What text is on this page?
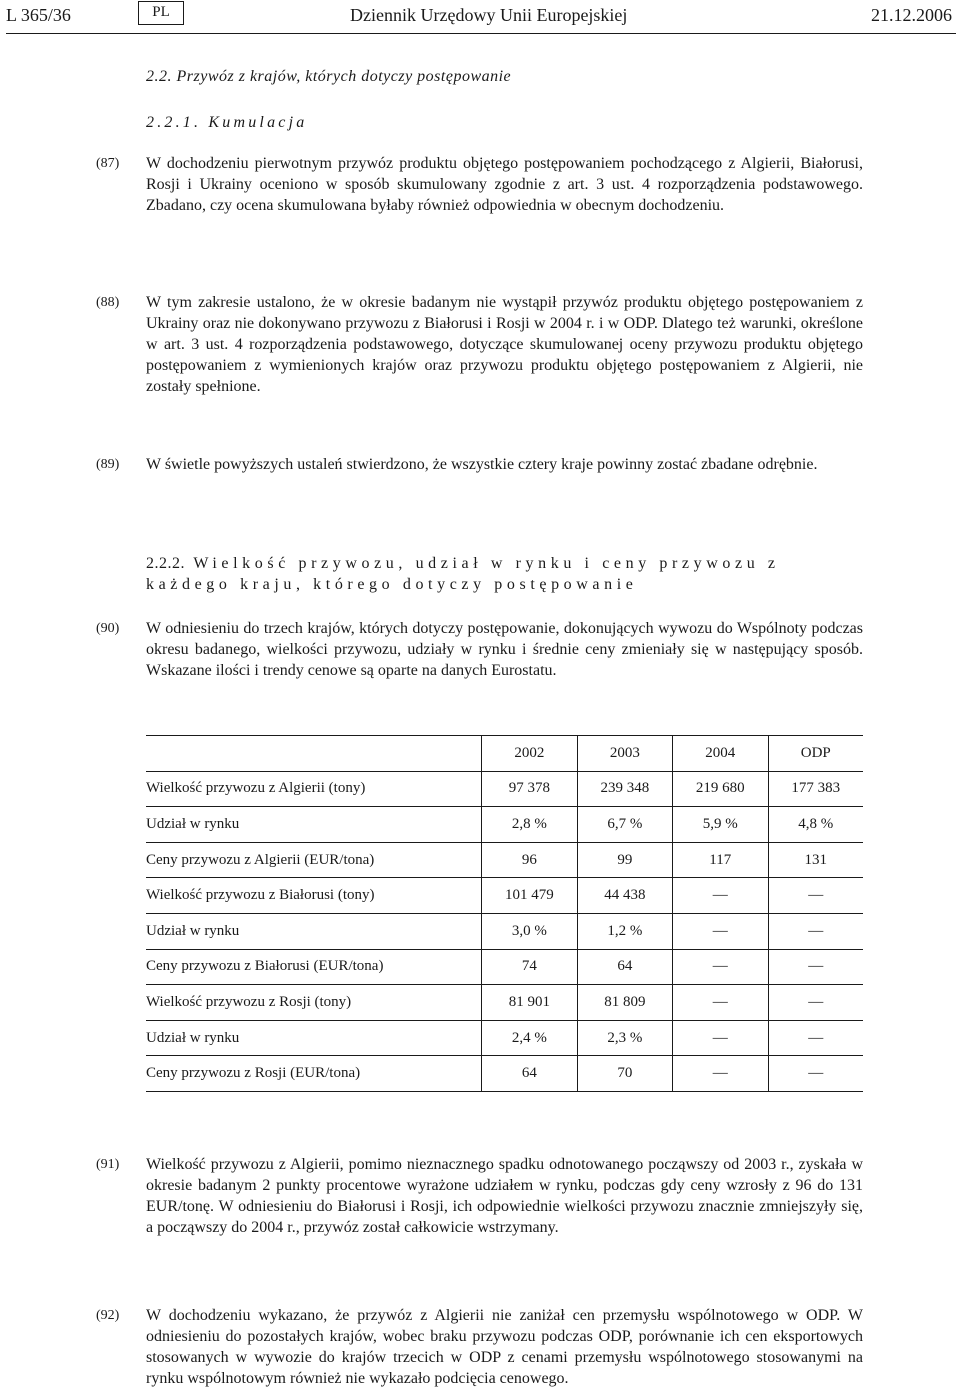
L 365/36	PL	Dziennik Urzędowy Unii Europejskiej	21.12.2006
2.2. Przywóz z krajów, których dotyczy postępowanie
2.2.1. Kumulacja
(87) W dochodzeniu pierwotnym przywóz produktu objętego postępowaniem pochodzącego z Algierii, Białorusi, Rosji i Ukrainy oceniono w sposób skumulowany zgodnie z art. 3 ust. 4 rozporządzenia podstawowego. Zbadano, czy ocena skumulowana byłaby również odpowiednia w obecnym dochodzeniu.
(88) W tym zakresie ustalono, że w okresie badanym nie wystąpił przywóz produktu objętego postępowaniem z Ukrainy oraz nie dokonywano przywozu z Białorusi i Rosji w 2004 r. i w ODP. Dlatego też warunki, określone w art. 3 ust. 4 rozporządzenia podstawowego, dotyczące skumulowanej oceny przywozu produktu objętego postępowaniem z wymienionych krajów oraz przywozu produktu objętego postępowaniem z Algierii, nie zostały spełnione.
(89) W świetle powyższych ustaleń stwierdzono, że wszystkie cztery kraje powinny zostać zbadane odrębnie.
2.2.2. Wielkość przywozu, udział w rynku i ceny przywozu z każdego kraju, którego dotyczy postępowanie
(90) W odniesieniu do trzech krajów, których dotyczy postępowanie, dokonujących wywozu do Wspólnoty podczas okresu badanego, wielkości przywozu, udziały w rynku i średnie ceny zmieniały się w następujący sposób. Wskazane ilości i trendy cenowe są oparte na danych Eurostatu.
	2002	2003	2004	ODP
Wielkość przywozu z Algierii (tony)	97 378	239 348	219 680	177 383
Udział w rynku	2,8 %	6,7 %	5,9 %	4,8 %
Ceny przywozu z Algierii (EUR/tona)	96	99	117	131
Wielkość przywozu z Białorusi (tony)	101 479	44 438	—	—
Udział w rynku	3,0 %	1,2 %	—	—
Ceny przywozu z Białorusi (EUR/tona)	74	64	—	—
Wielkość przywozu z Rosji (tony)	81 901	81 809	—	—
Udział w rynku	2,4 %	2,3 %	—	—
Ceny przywozu z Rosji (EUR/tona)	64	70	—	—
(91) Wielkość przywozu z Algierii, pomimo nieznacznego spadku odnotowanego począwszy od 2003 r., zyskała w okresie badanym 2 punkty procentowe wyrażone udziałem w rynku, podczas gdy ceny wzrosły z 96 do 131 EUR/tonę. W odniesieniu do Białorusi i Rosji, ich odpowiednie wielkości przywozu znacznie zmniejszyły się, a począwszy do 2004 r., przywóz został całkowicie wstrzymany.
(92) W dochodzeniu wykazano, że przywóz z Algierii nie zaniżał cen przemysłu wspólnotowego w ODP. W odniesieniu do pozostałych krajów, wobec braku przywozu podczas ODP, porównanie ich cen eksportowych stosowanych w wywozie do krajów trzecich w ODP z cenami przemysłu wspólnotowego stosowanymi na rynku wspólnotowym również nie wykazało podcięcia cenowego.
